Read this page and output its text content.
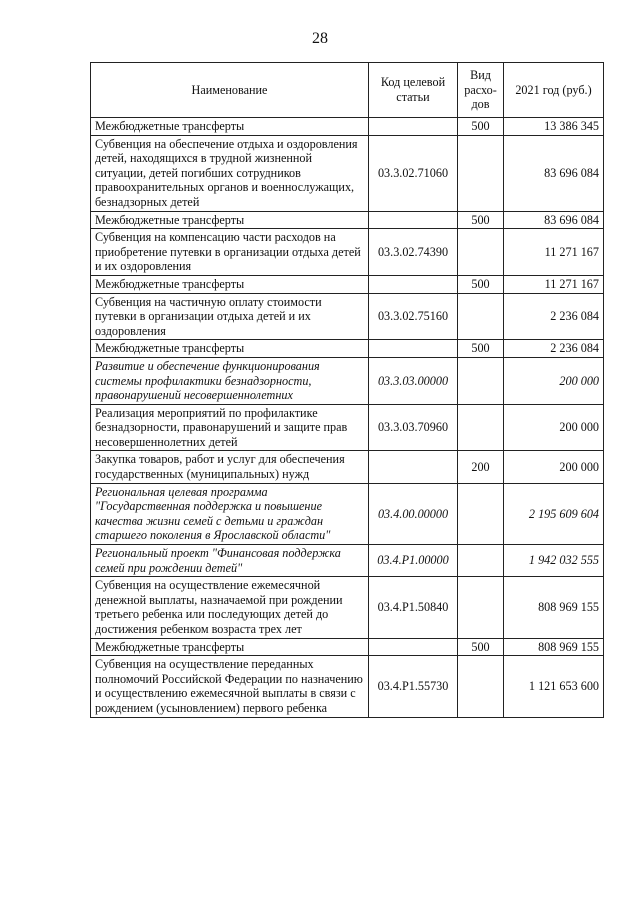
28
Наименование	Код целевой статьи	Вид расхо-дов	2021 год (руб.)
Межбюджетные трансферты		500	13 386 345
Субвенция на обеспечение отдыха и оздоровления детей, находящихся в трудной жизненной ситуации, детей погибших сотрудников правоохранительных органов и военнослужащих, безнадзорных детей	03.3.02.71060		83 696 084
Межбюджетные трансферты		500	83 696 084
Субвенция на компенсацию части расходов на приобретение путевки в организации отдыха детей и их оздоровления	03.3.02.74390		11 271 167
Межбюджетные трансферты		500	11 271 167
Субвенция на частичную оплату стоимости путевки в организации отдыха детей и их оздоровления	03.3.02.75160		2 236 084
Межбюджетные трансферты		500	2 236 084
Развитие и обеспечение функционирования системы профилактики безнадзорности, правонарушений несовершеннолетних	03.3.03.00000		200 000
Реализация мероприятий по профилактике безнадзорности, правонарушений и защите прав несовершеннолетних детей	03.3.03.70960		200 000
Закупка товаров, работ и услуг для обеспечения государственных (муниципальных) нужд		200	200 000
Региональная целевая программа "Государственная поддержка и повышение качества жизни семей с детьми и граждан старшего поколения в Ярославской области"	03.4.00.00000		2 195 609 604
Региональный проект "Финансовая поддержка семей при рождении детей"	03.4.P1.00000		1 942 032 555
Субвенция на осуществление ежемесячной денежной выплаты, назначаемой при рождении третьего ребенка или последующих детей до достижения ребенком возраста трех лет	03.4.P1.50840		808 969 155
Межбюджетные трансферты		500	808 969 155
Субвенция на осуществление переданных полномочий Российской Федерации по назначению и осуществлению ежемесячной выплаты в связи с рождением (усыновлением) первого ребенка	03.4.P1.55730		1 121 653 600
